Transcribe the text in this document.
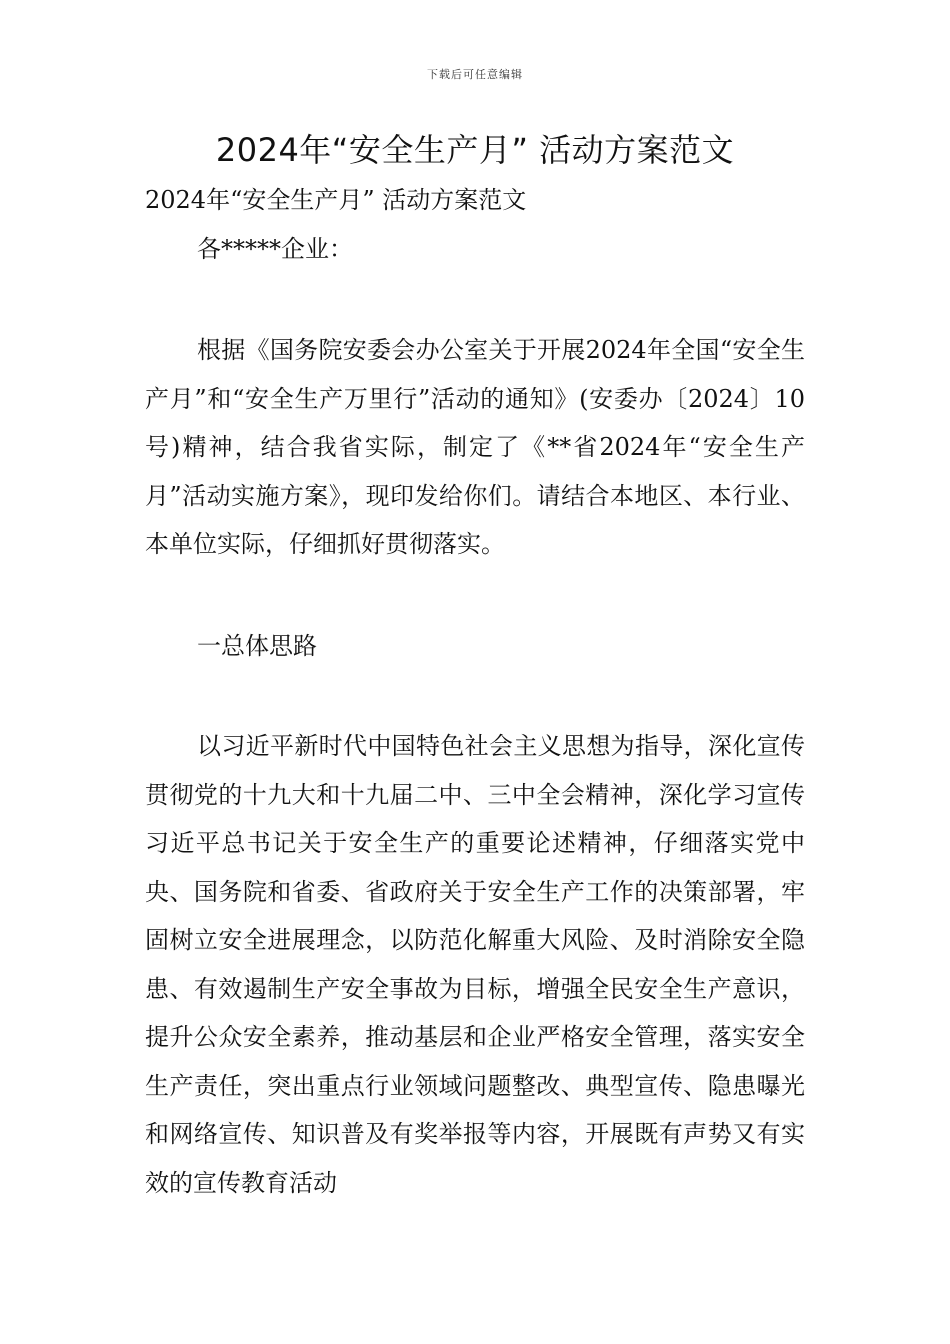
下载后可任意编辑
2024年“安全生产月” 活动方案范文

2024年“安全生产月” 活动方案范文

各*****企业：

根据《国务院安委会办公室关于开展2024年全国“安全生产月”和“安全生产万里行”活动的通知》(安委办〔2024〕10号)精神，结合我省实际，制定了《**省2024年“安全生产月”活动实施方案》，现印发给你们。请结合本地区、本行业、本单位实际，仔细抓好贯彻落实。

一总体思路

以习近平新时代中国特色社会主义思想为指导，深化宣传贯彻党的十九大和十九届二中、三中全会精神，深化学习宣传习近平总书记关于安全生产的重要论述精神，仔细落实党中央、国务院和省委、省政府关于安全生产工作的决策部署，牢固树立安全进展理念，以防范化解重大风险、及时消除安全隐患、有效遏制生产安全事故为目标，增强全民安全生产意识，提升公众安全素养，推动基层和企业严格安全管理，落实安全生产责任，突出重点行业领域问题整改、典型宣传、隐患曝光和网络宣传、知识普及有奖举报等内容，开展既有声势又有实效的宣传教育活动
